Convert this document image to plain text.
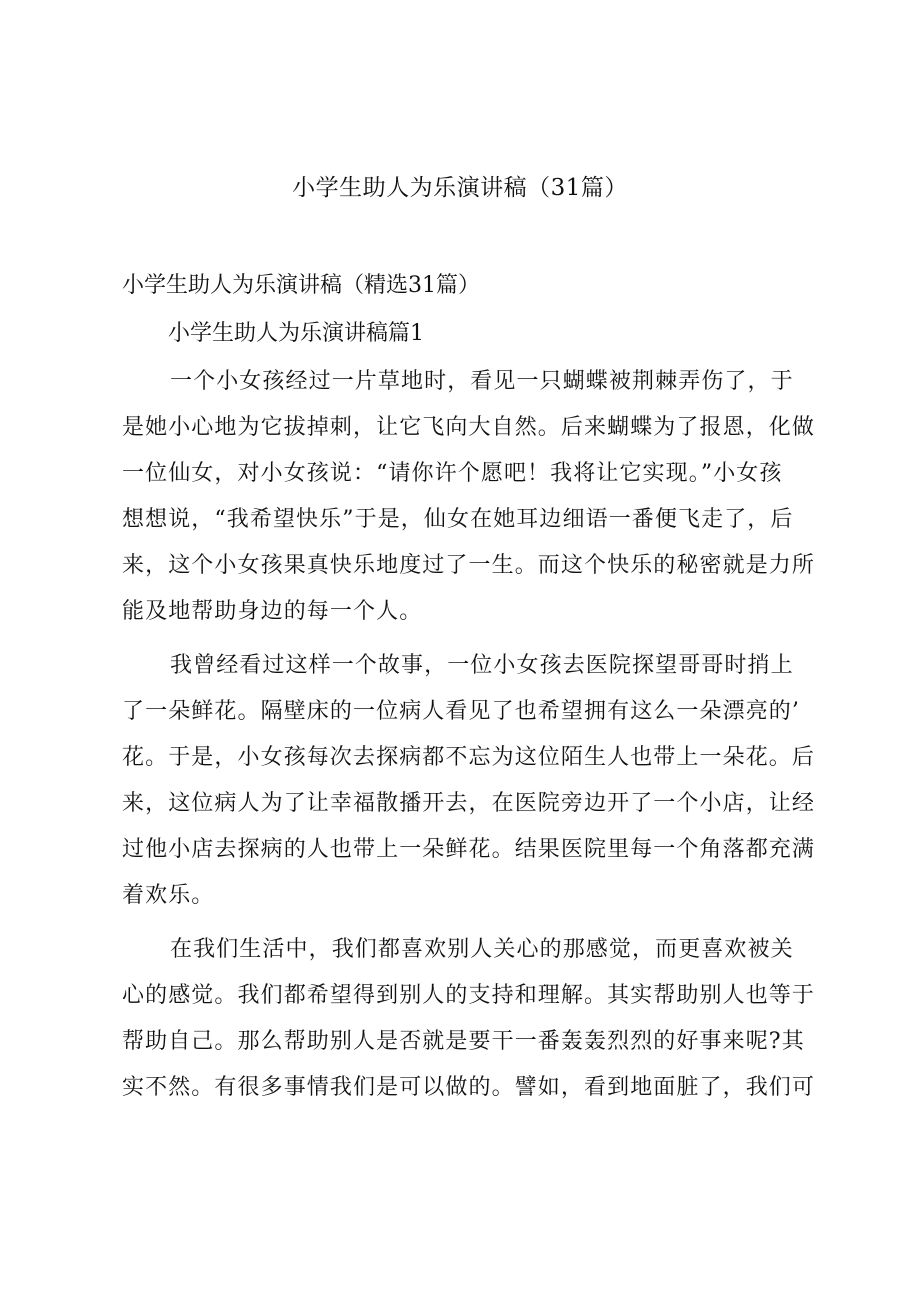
小学生助人为乐演讲稿（31篇）
小学生助人为乐演讲稿（精选31篇）
小学生助人为乐演讲稿篇1
一个小女孩经过一片草地时，看见一只蝴蝶被荆棘弄伤了，于
是她小心地为它拔掉刺，让它飞向大自然。后来蝴蝶为了报恩，化做
一位仙女，对小女孩说：“请你许个愿吧！我将让它实现。”小女孩
想想说，“我希望快乐”于是，仙女在她耳边细语一番便飞走了，后
来，这个小女孩果真快乐地度过了一生。而这个快乐的秘密就是力所
能及地帮助身边的每一个人。
我曾经看过这样一个故事，一位小女孩去医院探望哥哥时捎上
了一朵鲜花。隔壁床的一位病人看见了也希望拥有这么一朵漂亮的’
花。于是，小女孩每次去探病都不忘为这位陌生人也带上一朵花。后
来，这位病人为了让幸福散播开去，在医院旁边开了一个小店，让经
过他小店去探病的人也带上一朵鲜花。结果医院里每一个角落都充满
着欢乐。
在我们生活中，我们都喜欢别人关心的那感觉，而更喜欢被关
心的感觉。我们都希望得到别人的支持和理解。其实帮助别人也等于
帮助自己。那么帮助别人是否就是要干一番轰轰烈烈的好事来呢?其
实不然。有很多事情我们是可以做的。譬如，看到地面脏了，我们可
